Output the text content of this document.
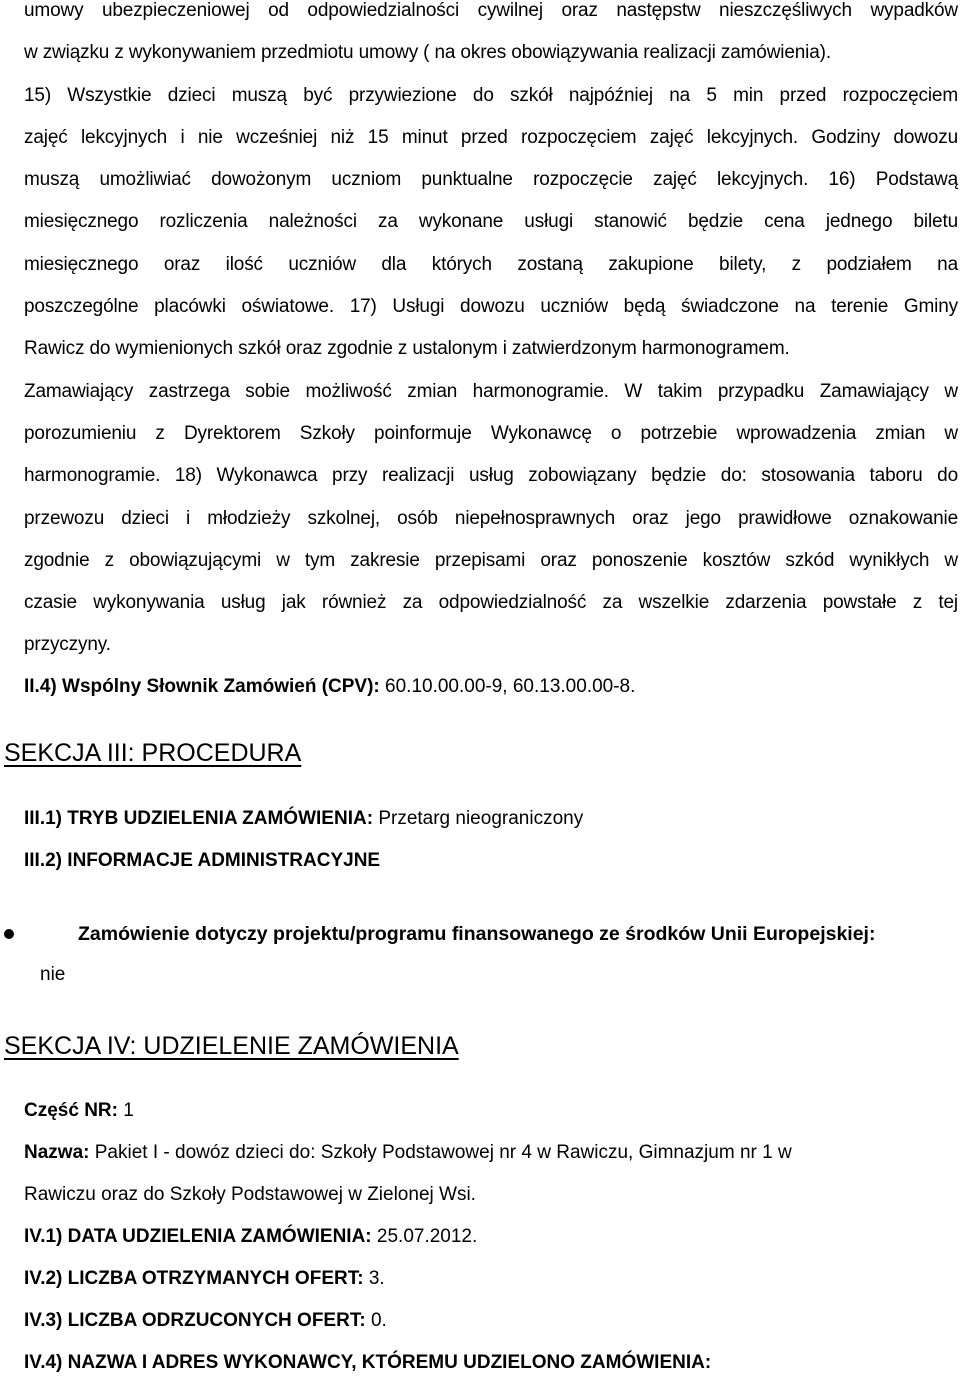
umowy ubezpieczeniowej od odpowiedzialności cywilnej oraz następstw nieszczęśliwych wypadków
w związku z wykonywaniem przedmiotu umowy ( na okres obowiązywania realizacji zamówienia).
15) Wszystkie dzieci muszą być przywiezione do szkół najpóźniej na 5 min przed rozpoczęciem
zajęć lekcyjnych i nie wcześniej niż 15 minut przed rozpoczęciem zajęć lekcyjnych. Godziny dowozu
muszą umożliwiać dowożonym uczniom punktualne rozpoczęcie zajęć lekcyjnych. 16) Podstawą
miesięcznego rozliczenia należności za wykonane usługi stanowić będzie cena jednego biletu
miesięcznego oraz ilość uczniów dla których zostaną zakupione bilety, z podziałem na
poszczególne placówki oświatowe. 17) Usługi dowozu uczniów będą świadczone na terenie Gminy
Rawicz do wymienionych szkół oraz zgodnie z ustalonym i zatwierdzonym harmonogramem.
Zamawiający zastrzega sobie możliwość zmian harmonogramie. W takim przypadku Zamawiający w
porozumieniu z Dyrektorem Szkoły poinformuje Wykonawcę o potrzebie wprowadzenia zmian w
harmonogramie. 18) Wykonawca przy realizacji usług zobowiązany będzie do: stosowania taboru do
przewozu dzieci i młodzieży szkolnej, osób niepełnosprawnych oraz jego prawidłowe oznakowanie
zgodnie z obowiązującymi w tym zakresie przepisami oraz ponoszenie kosztów szkód wynikłych w
czasie wykonywania usług jak również za odpowiedzialność za wszelkie zdarzenia powstałe z tej
przyczyny.

II.4) Wspólny Słownik Zamówień (CPV): 60.10.00.00-9, 60.13.00.00-8.

SEKCJA III: PROCEDURA

III.1) TRYB UDZIELENIA ZAMÓWIENIA: Przetarg nieograniczony

III.2) INFORMACJE ADMINISTRACYJNE

Zamówienie dotyczy projektu/programu finansowanego ze środków Unii Europejskiej:

nie

SEKCJA IV: UDZIELENIE ZAMÓWIENIA

Część NR: 1

Nazwa: Pakiet I - dowóz dzieci do: Szkoły Podstawowej nr 4 w Rawiczu, Gimnazjum nr 1 w

Rawiczu oraz do Szkoły Podstawowej w Zielonej Wsi.

IV.1) DATA UDZIELENIA ZAMÓWIENIA: 25.07.2012.

IV.2) LICZBA OTRZYMANYCH OFERT: 3.

IV.3) LICZBA ODRZUCONYCH OFERT: 0.

IV.4) NAZWA I ADRES WYKONAWCY, KTÓREMU UDZIELONO ZAMÓWIENIA:
